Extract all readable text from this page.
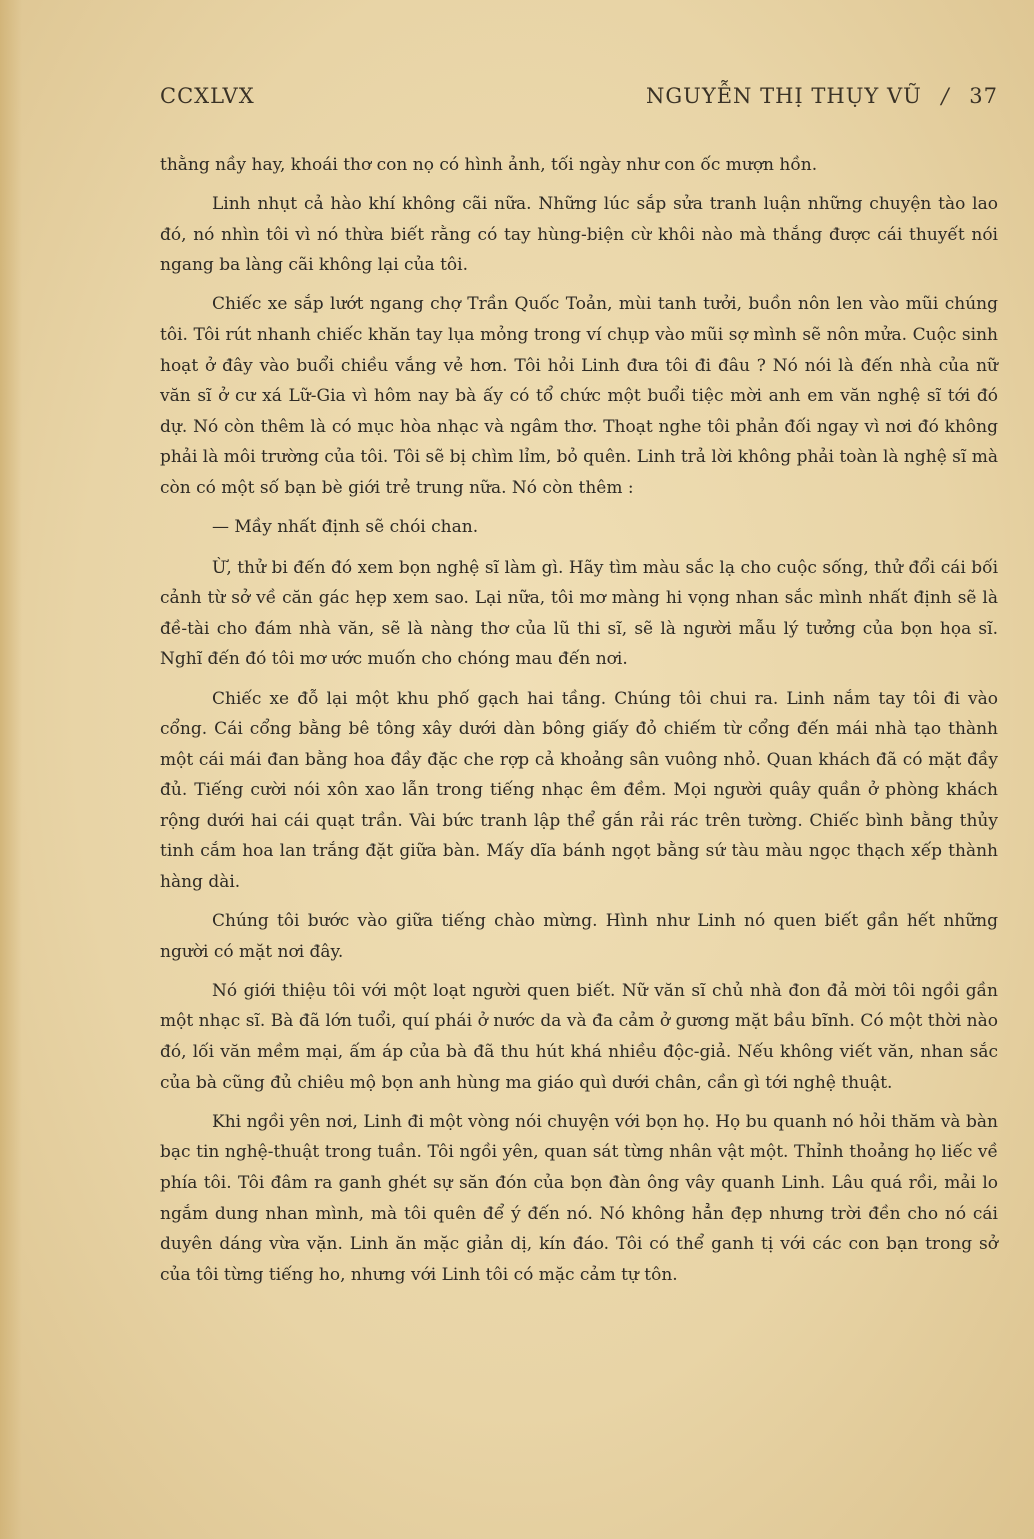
CCXLVX	NGUYỄN THỊ THỤY VŨ / 37

thằng nầy hay, khoái thơ con nọ có hình ảnh, tối ngày như con ốc mượn hồn.

Linh nhụt cả hào khí không cãi nữa. Những lúc sắp sửa tranh luận những chuyện tào lao đó, nó nhìn tôi vì nó thừa biết rằng có tay hùng-biện cừ khôi nào mà thắng được cái thuyết nói ngang ba làng cãi không lại của tôi.

Chiếc xe sắp lướt ngang chợ Trần Quốc Toản, mùi tanh tưởi, buồn nôn len vào mũi chúng tôi. Tôi rút nhanh chiếc khăn tay lụa mỏng trong ví chụp vào mũi sợ mình sẽ nôn mửa. Cuộc sinh hoạt ở đây vào buổi chiều vắng vẻ hơn. Tôi hỏi Linh đưa tôi đi đâu ? Nó nói là đến nhà của nữ văn sĩ ở cư xá Lữ-Gia vì hôm nay bà ấy có tổ chức một buổi tiệc mời anh em văn nghệ sĩ tới đó dự. Nó còn thêm là có mục hòa nhạc và ngâm thơ. Thoạt nghe tôi phản đối ngay vì nơi đó không phải là môi trường của tôi. Tôi sẽ bị chìm lỉm, bỏ quên. Linh trả lời không phải toàn là nghệ sĩ mà còn có một số bạn bè giới trẻ trung nữa. Nó còn thêm :

— Mầy nhất định sẽ chói chan.

Ừ, thử bi đến đó xem bọn nghệ sĩ làm gì. Hãy tìm màu sắc lạ cho cuộc sống, thử đổi cái bối cảnh từ sở về căn gác hẹp xem sao. Lại nữa, tôi mơ màng hi vọng nhan sắc mình nhất định sẽ là đề-tài cho đám nhà văn, sẽ là nàng thơ của lũ thi sĩ, sẽ là người mẫu lý tưởng của bọn họa sĩ. Nghĩ đến đó tôi mơ ước muốn cho chóng mau đến nơi.

Chiếc xe đỗ lại một khu phố gạch hai tầng. Chúng tôi chui ra. Linh nắm tay tôi đi vào cổng. Cái cổng bằng bê tông xây dưới dàn bông giấy đỏ chiếm từ cổng đến mái nhà tạo thành một cái mái đan bằng hoa đầy đặc che rợp cả khoảng sân vuông nhỏ. Quan khách đã có mặt đầy đủ. Tiếng cười nói xôn xao lẫn trong tiếng nhạc êm đềm. Mọi người quây quần ở phòng khách rộng dưới hai cái quạt trần. Vài bức tranh lập thể gắn rải rác trên tường. Chiếc bình bằng thủy tinh cắm hoa lan trắng đặt giữa bàn. Mấy dĩa bánh ngọt bằng sứ tàu màu ngọc thạch xếp thành hàng dài.

Chúng tôi bước vào giữa tiếng chào mừng. Hình như Linh nó quen biết gần hết những người có mặt nơi đây.

Nó giới thiệu tôi với một loạt người quen biết. Nữ văn sĩ chủ nhà đon đả mời tôi ngồi gần một nhạc sĩ. Bà đã lớn tuổi, quí phái ở nước da và đa cảm ở gương mặt bầu bĩnh. Có một thời nào đó, lối văn mềm mại, ấm áp của bà đã thu hút khá nhiều độc-giả. Nếu không viết văn, nhan sắc của bà cũng đủ chiêu mộ bọn anh hùng ma giáo quì dưới chân, cần gì tới nghệ thuật.

Khi ngồi yên nơi, Linh đi một vòng nói chuyện với bọn họ. Họ bu quanh nó hỏi thăm và bàn bạc tin nghệ-thuật trong tuần. Tôi ngồi yên, quan sát từng nhân vật một. Thỉnh thoảng họ liếc về phía tôi. Tôi đâm ra ganh ghét sự săn đón của bọn đàn ông vây quanh Linh. Lâu quá rồi, mải lo ngắm dung nhan mình, mà tôi quên để ý đến nó. Nó không hẳn đẹp nhưng trời đền cho nó cái duyên dáng vừa vặn. Linh ăn mặc giản dị, kín đáo. Tôi có thể ganh tị với các con bạn trong sở của tôi từng tiếng ho, nhưng với Linh tôi có mặc cảm tự tôn.
